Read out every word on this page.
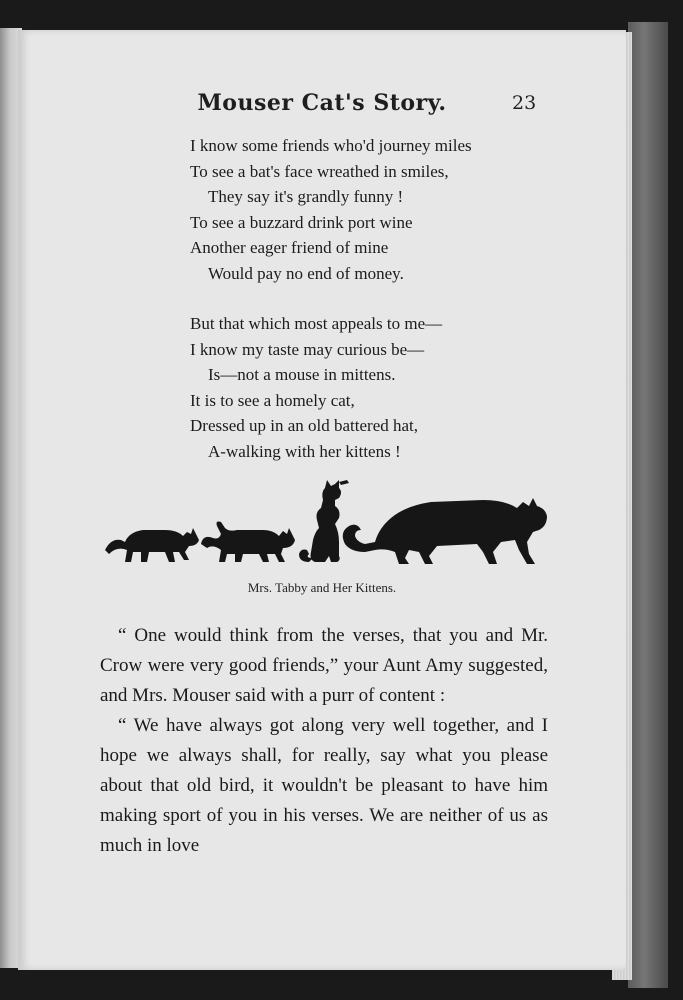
Mouser Cat's Story.	23
I know some friends who'd journey miles
To see a bat's face wreathed in smiles,
They say it's grandly funny !
To see a buzzard drink port wine
Another eager friend of mine
Would pay no end of money.
But that which most appeals to me—
I know my taste may curious be—
Is—not a mouse in mittens.
It is to see a homely cat,
Dressed up in an old battered hat,
A-walking with her kittens !
Mrs. Tabby and Her Kittens.

“ One would think from the verses, that you and Mr. Crow were very good friends,” your Aunt Amy suggested, and Mrs. Mouser said with a purr of content :

“ We have always got along very well together, and I hope we always shall, for really, say what you please about that old bird, it wouldn't be pleasant to have him making sport of you in his verses. We are neither of us as much in love
